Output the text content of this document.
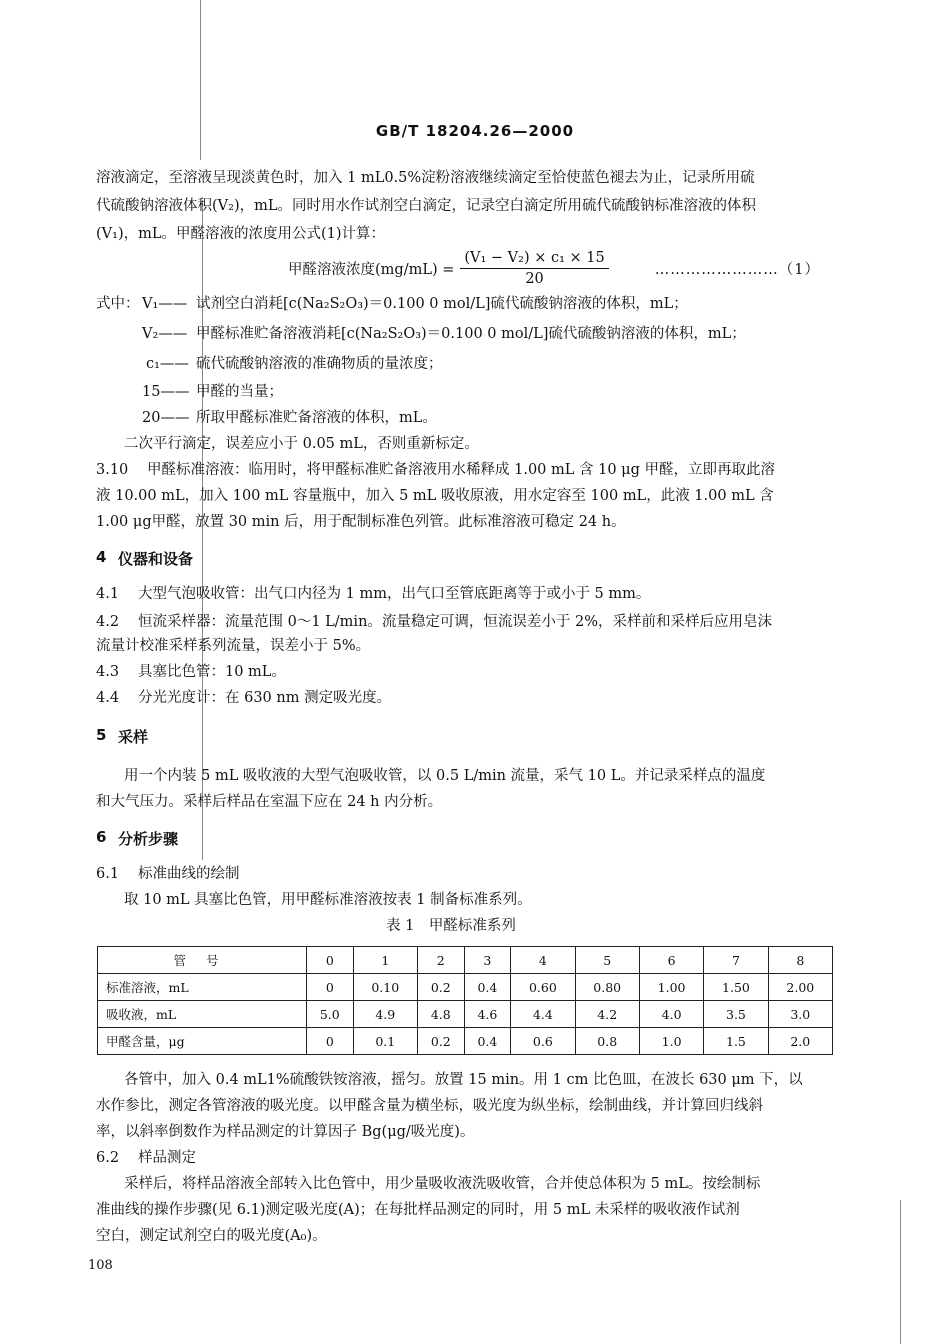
GB/T 18204.26—2000
溶液滴定，至溶液呈现淡黄色时，加入 1 mL0.5%淀粉溶液继续滴定至恰使蓝色褪去为止，记录所用硫
代硫酸钠溶液体积(V₂)，mL。同时用水作试剂空白滴定，记录空白滴定所用硫代硫酸钠标准溶液的体积
(V₁)，mL。甲醛溶液的浓度用公式(1)计算：
甲醛溶液浓度$(mg/mL) = \frac{\text{(V₁ − V₂) × c₁ × 15}}{20}$	……………………（1）
式中： V₁—— 试剂空白消耗[c(Na₂S₂O₃)＝0.100 0 mol/L]硫代硫酸钠溶液的体积，mL；
V₂—— 甲醛标准贮备溶液消耗[c(Na₂S₂O₃)＝0.100 0 mol/L]硫代硫酸钠溶液的体积，mL；
c₁—— 硫代硫酸钠溶液的准确物质的量浓度；
15—— 甲醛的当量；
20—— 所取甲醛标准贮备溶液的体积，mL。
二次平行滴定，误差应小于 0.05 mL，否则重新标定。
3.10 甲醛标准溶液：临用时，将甲醛标准贮备溶液用水稀释成 1.00 mL 含 10 μg 甲醛，立即再取此溶
液 10.00 mL，加入 100 mL 容量瓶中，加入 5 mL 吸收原液，用水定容至 100 mL，此液 1.00 mL 含
1.00 μg甲醛，放置 30 min 后，用于配制标准色列管。此标准溶液可稳定 24 h。
4 仪器和设备
4.1 大型气泡吸收管：出气口内径为 1 mm，出气口至管底距离等于或小于 5 mm。
4.2 恒流采样器：流量范围 0～1 L/min。流量稳定可调，恒流误差小于 2%，采样前和采样后应用皂沫
流量计校准采样系列流量，误差小于 5%。
4.3 具塞比色管：10 mL。
4.4 分光光度计：在 630 nm 测定吸光度。
5 采样
用一个内装 5 mL 吸收液的大型气泡吸收管，以 0.5 L/min 流量，采气 10 L。并记录采样点的温度
和大气压力。采样后样品在室温下应在 24 h 内分析。
6 分析步骤
6.1 标准曲线的绘制
取 10 mL 具塞比色管，用甲醛标准溶液按表 1 制备标准系列。
表 1　甲醛标准系列
管号	0	1	2	3	4	5	6	7	8
标准溶液，mL	0	0.10	0.2	0.4	0.60	0.80	1.00	1.50	2.00
吸收液，mL	5.0	4.9	4.8	4.6	4.4	4.2	4.0	3.5	3.0
甲醛含量，μg	0	0.1	0.2	0.4	0.6	0.8	1.0	1.5	2.0
各管中，加入 0.4 mL1%硫酸铁铵溶液，摇匀。放置 15 min。用 1 cm 比色皿，在波长 630 μm 下，以
水作参比，测定各管溶液的吸光度。以甲醛含量为横坐标，吸光度为纵坐标，绘制曲线，并计算回归线斜
率，以斜率倒数作为样品测定的计算因子 Bg(μg/吸光度)。
6.2 样品测定
采样后，将样品溶液全部转入比色管中，用少量吸收液洗吸收管，合并使总体积为 5 mL。按绘制标
准曲线的操作步骤(见 6.1)测定吸光度(A)；在每批样品测定的同时，用 5 mL 未采样的吸收液作试剂
空白，测定试剂空白的吸光度(A₀)。
108
